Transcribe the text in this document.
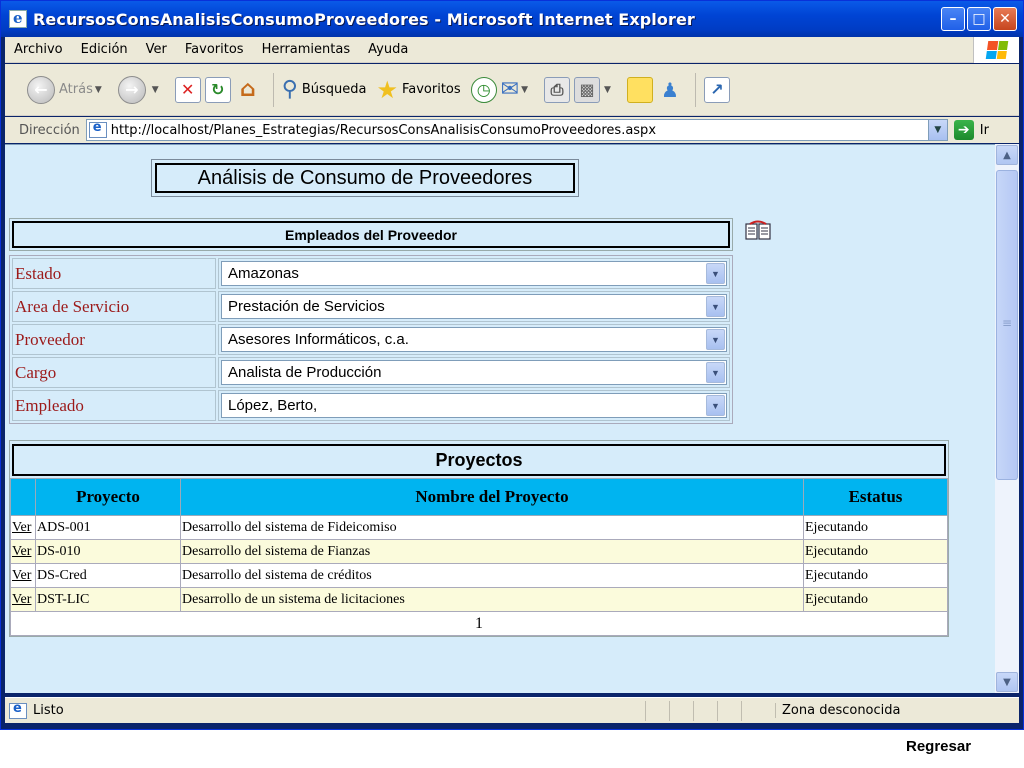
e
RecursosConsAnalisisConsumoProveedores - Microsoft Internet Explorer	–	□ ✕
Archivo	Edición	Ver	Favoritos	Herramientas	Ayuda
← Atrás ▼	→	▼	✕	↻ ⌂ ⚲ Búsqueda ★ Favoritos	◷ ✉ ▼	⎙	▩	▼	♟	↗
Dirección e	http://localhost/Planes_Estrategias/RecursosConsAnalisisConsumoProveedores.aspx	▼	➔ Ir
Análisis de Consumo de Proveedores
Empleados del Proveedor
Estado	Amazonas ▼

Area de Servicio	Prestación de Servicios ▼

Proveedor	Asesores Informáticos, c.a. ▼

Cargo	Analista de Producción ▼

Empleado	López, Berto, ▼
Proyectos
	Proyecto	Nombre del Proyecto	Estatus
Ver	ADS-001	Desarrollo del sistema de Fideicomiso	Ejecutando
Ver	DS-010	Desarrollo del sistema de Fianzas	Ejecutando
Ver	DS-Cred	Desarrollo del sistema de créditos	Ejecutando
Ver	DST-LIC	Desarrollo de un sistema de licitaciones	Ejecutando
1			
▲
≡
▼
e
Listo	Zona desconocida
Regresar
